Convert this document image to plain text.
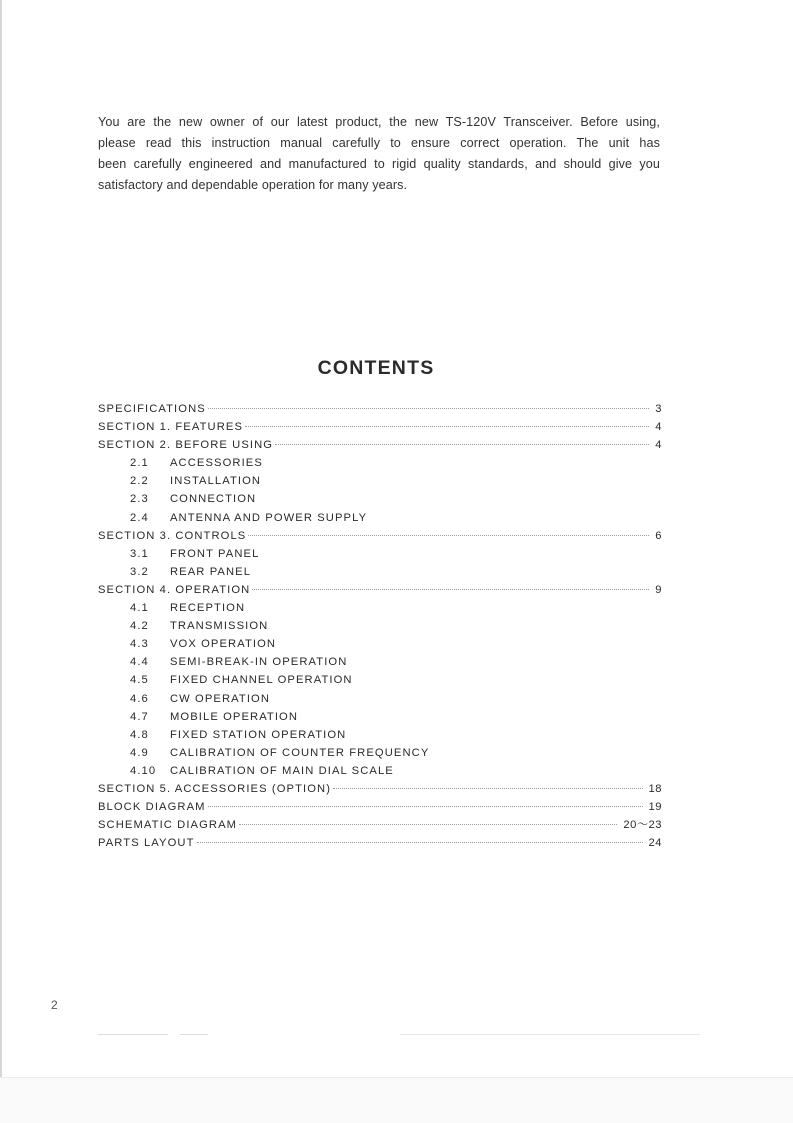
You are the new owner of our latest product, the new TS-120V Transceiver. Before using,
please read this instruction manual carefully to ensure correct operation. The unit has
been carefully engineered and manufactured to rigid quality standards, and should give you
satisfactory and dependable operation for many years.
CONTENTS
SPECIFICATIONS	3
SECTION 1. FEATURES	4
SECTION 2. BEFORE USING	4
2.1	ACCESSORIES
2.2	INSTALLATION
2.3	CONNECTION
2.4	ANTENNA AND POWER SUPPLY
SECTION 3. CONTROLS	6
3.1	FRONT PANEL
3.2	REAR PANEL
SECTION 4. OPERATION	9
4.1	RECEPTION
4.2	TRANSMISSION
4.3	VOX OPERATION
4.4	SEMI-BREAK-IN OPERATION
4.5	FIXED CHANNEL OPERATION
4.6	CW OPERATION
4.7	MOBILE OPERATION
4.8	FIXED STATION OPERATION
4.9	CALIBRATION OF COUNTER FREQUENCY
4.10	CALIBRATION OF MAIN DIAL SCALE
SECTION 5. ACCESSORIES (OPTION)	18
BLOCK DIAGRAM	19
SCHEMATIC DIAGRAM	20～23
PARTS LAYOUT	24
2
